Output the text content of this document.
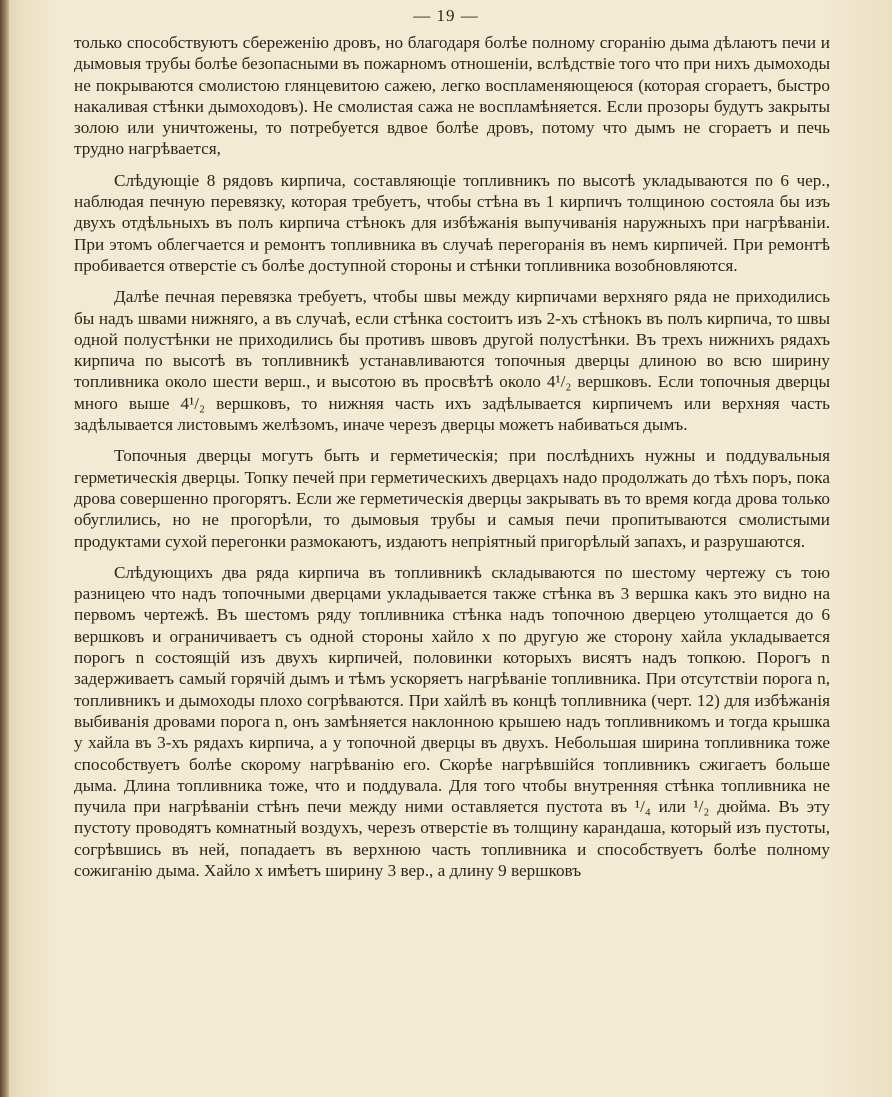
— 19 —

только способствуютъ сбереженію дровъ, но благодаря болѣе полному сгоранію дыма дѣлаютъ печи и дымовыя трубы болѣе безопасными въ пожарномъ отношеніи, вслѣдствіе того что при нихъ дымоходы не покрываются смолистою глянцевитою сажею, легко воспламеняющеюся (которая сгораетъ, быстро накаливая стѣнки дымоходовъ). Не смолистая сажа не воспламѣняется. Если прозоры будутъ закрыты золою или уничтожены, то потребуется вдвое болѣе дровъ, потому что дымъ не сгораетъ и печь трудно нагрѣвается,

Слѣдующіе 8 рядовъ кирпича, составляющіе топливникъ по высотѣ укладываются по 6 чер., наблюдая печную перевязку, которая требуетъ, чтобы стѣна въ 1 кирпичъ толщиною состояла бы изъ двухъ отдѣльныхъ въ полъ кирпича стѣнокъ для избѣжанія выпучиванія наружныхъ при нагрѣваніи. При этомъ облегчается и ремонтъ топливника въ случаѣ перегоранія въ немъ кирпичей. При ремонтѣ пробивается отверстіе съ болѣе доступной стороны и стѣнки топливника возобновляются.

Далѣе печная перевязка требуетъ, чтобы швы между кирпичами верхняго ряда не приходились бы надъ швами нижняго, а въ случаѣ, если стѣнка состоитъ изъ 2-хъ стѣнокъ въ полъ кирпича, то швы одной полустѣнки не приходились бы противъ швовъ другой полустѣнки. Въ трехъ нижнихъ рядахъ кирпича по высотѣ въ топливникѣ устанавливаются топочныя дверцы длиною во всю ширину топливника около шести верш., и высотою въ просвѣтѣ около 4¹/₂ вершковъ. Если топочныя дверцы много выше 4¹/₂ вершковъ, то нижняя часть ихъ задѣлывается кирпичемъ или верхняя часть задѣлывается листовымъ желѣзомъ, иначе черезъ дверцы можетъ набиваться дымъ.

Топочныя дверцы могутъ быть и герметическія; при послѣднихъ нужны и поддувальныя герметическія дверцы. Топку печей при герметическихъ дверцахъ надо продолжать до тѣхъ поръ, пока дрова совершенно прогорятъ. Если же герметическія дверцы закрывать въ то время когда дрова только обуглились, но не прогорѣли, то дымовыя трубы и самыя печи пропитываются смолистыми продуктами сухой перегонки размокаютъ, издаютъ непріятный пригорѣлый запахъ, и разрушаются.

Слѣдующихъ два ряда кирпича въ топливникѣ складываются по шестому чертежу съ тою разницею что надъ топочными дверцами укладывается также стѣнка въ 3 вершка какъ это видно на первомъ чертежѣ. Въ шестомъ ряду топливника стѣнка надъ топочною дверцею утолщается до 6 вершковъ и ограничиваетъ съ одной стороны хайло x по другую же сторону хайла укладывается порогъ n состоящій изъ двухъ кирпичей, половинки которыхъ висятъ надъ топкою. Порогъ n задерживаетъ самый горячій дымъ и тѣмъ ускоряетъ нагрѣваніе топливника. При отсутствіи порога n, топливникъ и дымоходы плохо согрѣваются. При хайлѣ въ концѣ топливника (черт. 12) для избѣжанія выбиванія дровами порога n, онъ замѣняется наклонною крышею надъ топливникомъ и тогда крышка у хайла въ 3-хъ рядахъ кирпича, а у топочной дверцы въ двухъ. Небольшая ширина топливника тоже способствуетъ болѣе скорому нагрѣванію его. Скорѣе нагрѣвшійся топливникъ сжигаетъ больше дыма. Длина топливника тоже, что и поддувала. Для того чтобы внутренняя стѣнка топливника не пучила при нагрѣваніи стѣнъ печи между ними оставляется пустота въ ¹/₄ или ¹/₂ дюйма. Въ эту пустоту проводятъ комнатный воздухъ, черезъ отверстіе въ толщину карандаша, который изъ пустоты, согрѣвшись въ ней, попадаетъ въ верхнюю часть топливника и способствуетъ болѣе полному сожиганію дыма. Хайло x имѣетъ ширину 3 вер., а длину 9 вершковъ
